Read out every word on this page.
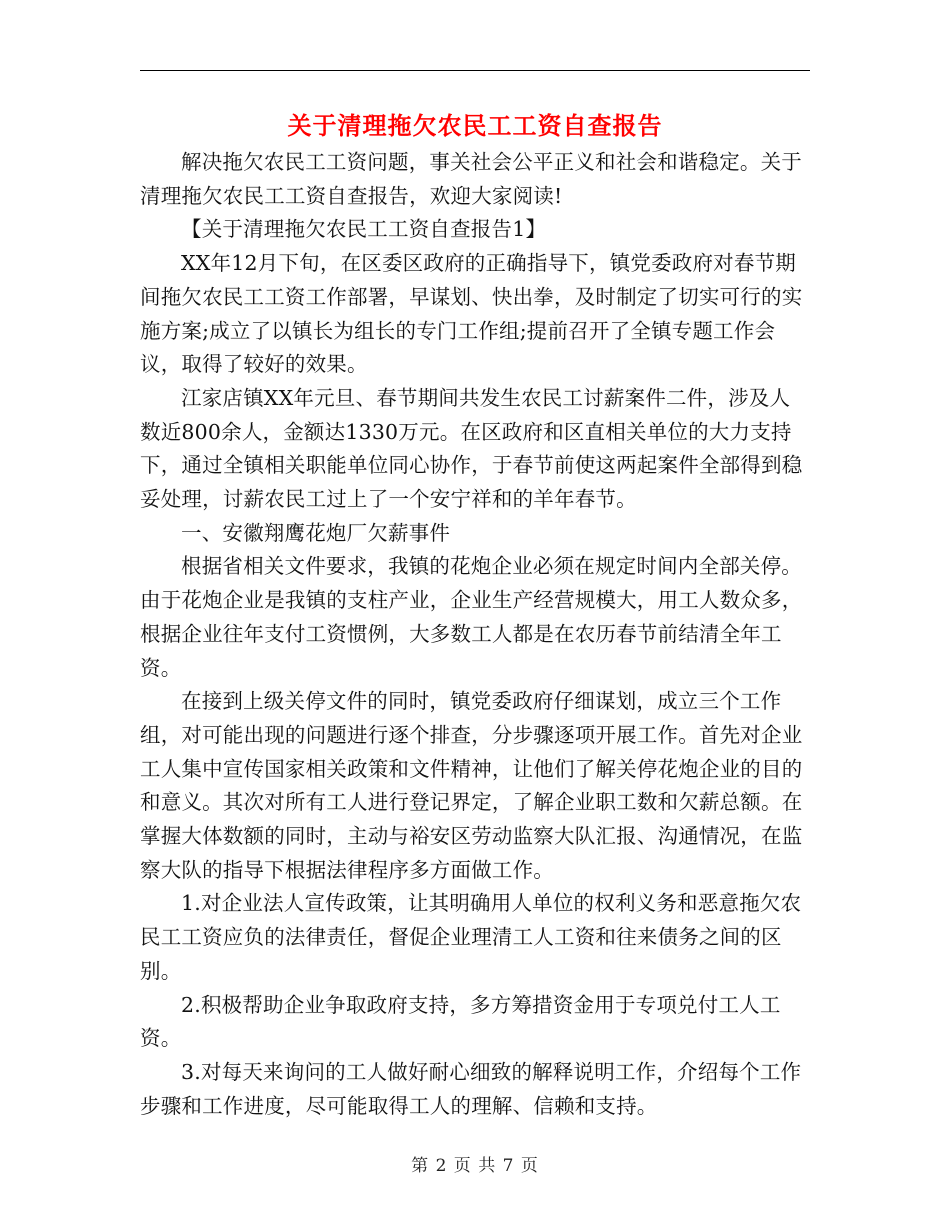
关于清理拖欠农民工工资自查报告

解决拖欠农民工工资问题，事关社会公平正义和社会和谐稳定。关于清理拖欠农民工工资自查报告，欢迎大家阅读!

【关于清理拖欠农民工工资自查报告1】

XX年12月下旬，在区委区政府的正确指导下，镇党委政府对春节期间拖欠农民工工资工作部署，早谋划、快出拳，及时制定了切实可行的实施方案;成立了以镇长为组长的专门工作组;提前召开了全镇专题工作会议，取得了较好的效果。

江家店镇XX年元旦、春节期间共发生农民工讨薪案件二件，涉及人数近800余人，金额达1330万元。在区政府和区直相关单位的大力支持下，通过全镇相关职能单位同心协作，于春节前使这两起案件全部得到稳妥处理，讨薪农民工过上了一个安宁祥和的羊年春节。

一、安徽翔鹰花炮厂欠薪事件

根据省相关文件要求，我镇的花炮企业必须在规定时间内全部关停。由于花炮企业是我镇的支柱产业，企业生产经营规模大，用工人数众多，根据企业往年支付工资惯例，大多数工人都是在农历春节前结清全年工资。

在接到上级关停文件的同时，镇党委政府仔细谋划，成立三个工作组，对可能出现的问题进行逐个排查，分步骤逐项开展工作。首先对企业工人集中宣传国家相关政策和文件精神，让他们了解关停花炮企业的目的和意义。其次对所有工人进行登记界定，了解企业职工数和欠薪总额。在掌握大体数额的同时，主动与裕安区劳动监察大队汇报、沟通情况，在监察大队的指导下根据法律程序多方面做工作。

1.对企业法人宣传政策，让其明确用人单位的权利义务和恶意拖欠农民工工资应负的法律责任，督促企业理清工人工资和往来债务之间的区别。

2.积极帮助企业争取政府支持，多方筹措资金用于专项兑付工人工资。

3.对每天来询问的工人做好耐心细致的解释说明工作，介绍每个工作步骤和工作进度，尽可能取得工人的理解、信赖和支持。

第 2 页 共 7 页
